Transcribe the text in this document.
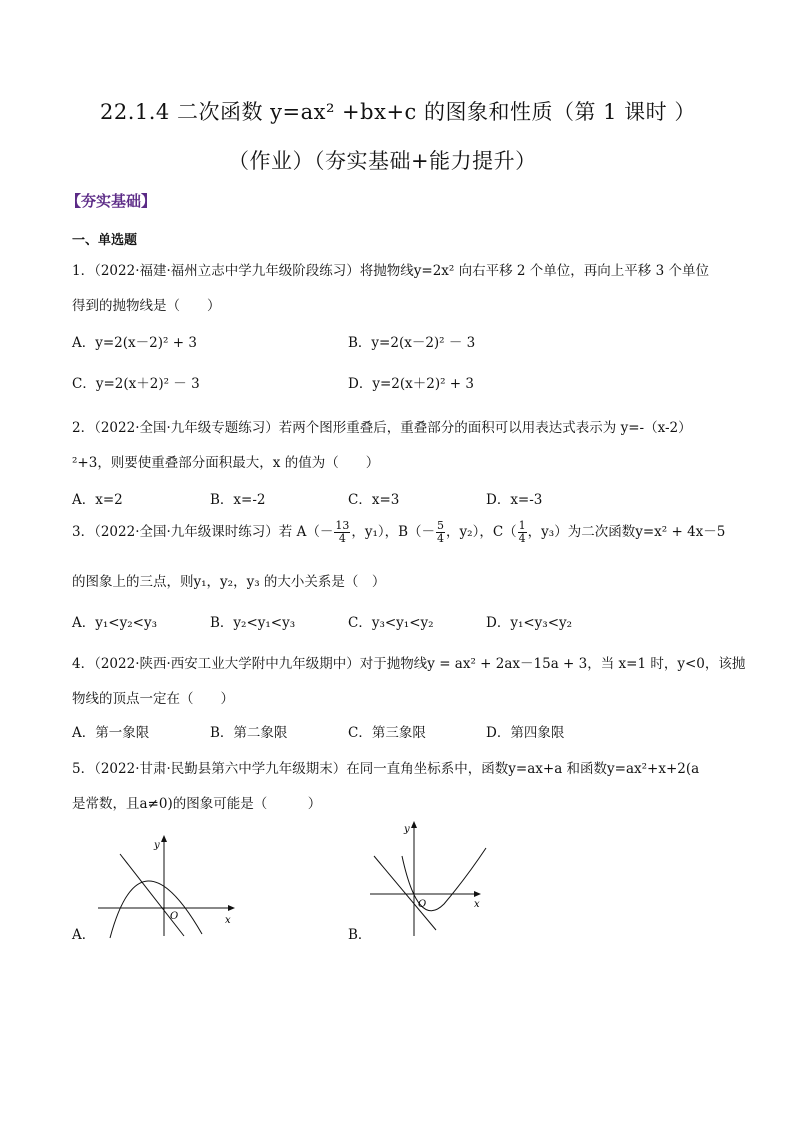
22.1.4 二次函数 y=ax² +bx+c 的图象和性质（第 1 课时 ）
（作业）（夯实基础+能力提升）
【夯实基础】
一、单选题
1．（2022·福建·福州立志中学九年级阶段练习）将抛物线y=2x² 向右平移 2 个单位，再向上平移 3 个单位
得到的抛物线是（　　）
A．y=2(x－2)² + 3	B．y=2(x－2)² － 3
C．y=2(x＋2)² － 3	D．y=2(x＋2)² + 3
2．（2022·全国·九年级专题练习）若两个图形重叠后，重叠部分的面积可以用表达式表示为 y=-（x-2）
²+3，则要使重叠部分面积最大，x 的值为（　　）
A．x=2	B．x=-2	C．x=3	D．x=-3
3．（2022·全国·九年级课时练习）若 $A(- \frac{13}{4}$ ，y₁），$B(- \frac{5}{4}$ ，y₂），$C( \frac{1}{4}$ ，y₃）为二次函数y=x² + 4x－5
的图象上的三点，则y₁，y₂，y₃ 的大小关系是（　）
A．y₁<y₂<y₃	B．y₂<y₁<y₃	C．y₃<y₁<y₂	D．y₁<y₃<y₂
4．（2022·陕西·西安工业大学附中九年级期中）对于抛物线y = ax² + 2ax－15a + 3，当 x=1 时，y<0，该抛
物线的顶点一定在（　　）
A．第一象限	B．第二象限	C．第三象限	D．第四象限
5．（2022·甘肃·民勤县第六中学九年级期末）在同一直角坐标系中，函数y=ax+a 和函数y=ax²+x+2(a
是常数，且a≠0)的图象可能是（　　　）
A．
O	x
y
B．
O	x
y
